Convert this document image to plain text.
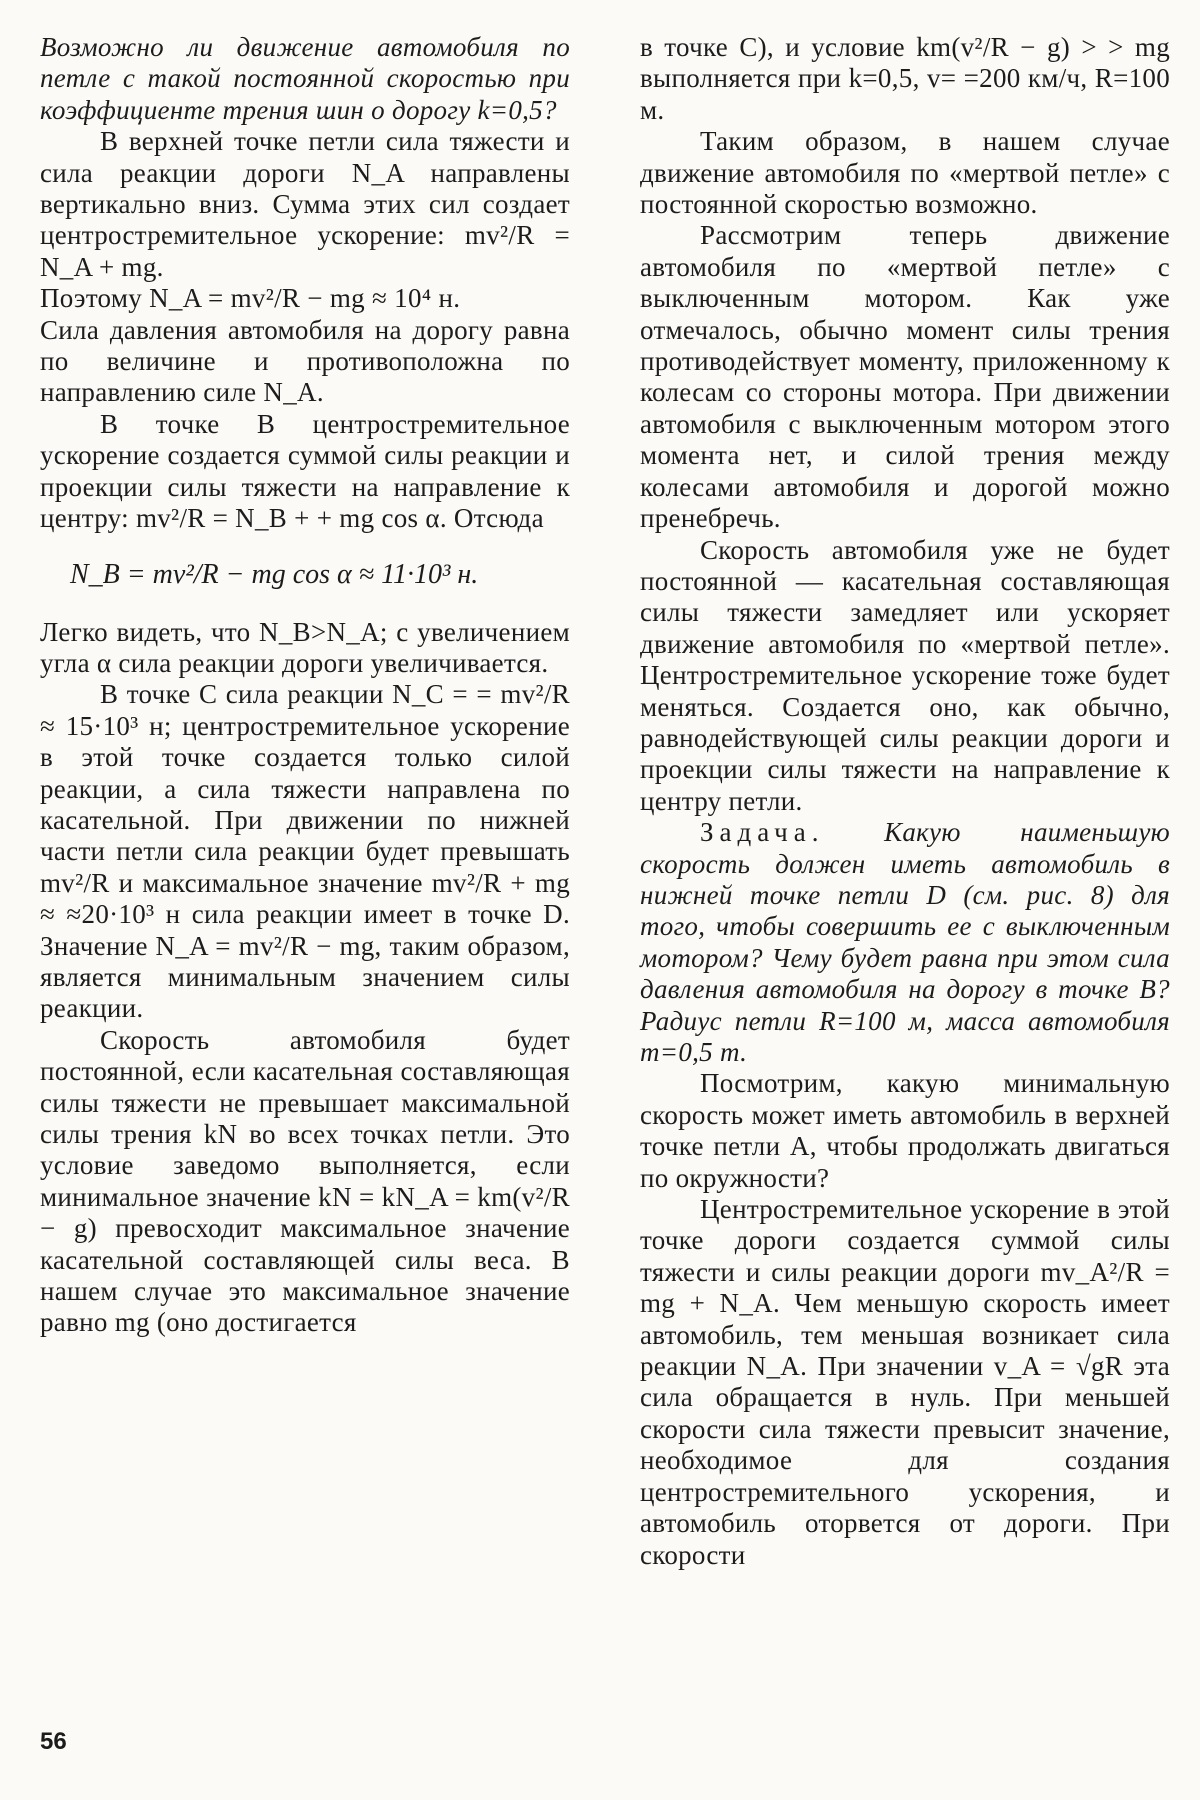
Возможно ли движение автомобиля по петле с такой постоянной скоростью при коэффициенте трения шин о дорогу k=0,5?

В верхней точке петли сила тяжести и сила реакции дороги N_A направлены вертикально вниз. Сумма этих сил создает центростремительное ускорение: mv²/R = N_A + mg.

Поэтому N_A = mv²/R − mg ≈ 10⁴ н.

Сила давления автомобиля на дорогу равна по величине и противоположна по направлению силе N_A.

В точке B центростремительное ускорение создается суммой силы реакции и проекции силы тяжести на направление к центру: mv²/R = N_B + + mg cos α. Отсюда

N_B = mv²/R − mg cos α ≈ 11·10³ н.

Легко видеть, что N_B>N_A; с увеличением угла α сила реакции дороги увеличивается.

В точке C сила реакции N_C = = mv²/R ≈ 15·10³ н; центростремительное ускорение в этой точке создается только силой реакции, а сила тяжести направлена по касательной. При движении по нижней части петли сила реакции будет превышать mv²/R и максимальное значение mv²/R + mg ≈ ≈20·10³ н сила реакции имеет в точке D. Значение N_A = mv²/R − mg, таким образом, является минимальным значением силы реакции.

Скорость автомобиля будет постоянной, если касательная составляющая силы тяжести не превышает максимальной силы трения kN во всех точках петли. Это условие заведомо выполняется, если минимальное значение kN = kN_A = km(v²/R − g) превосходит максимальное значение касательной составляющей силы веса. В нашем случае это максимальное значение равно mg (оно достигается

в точке C), и условие km(v²/R − g) > > mg выполняется при k=0,5, v= =200 км/ч, R=100 м.

Таким образом, в нашем случае движение автомобиля по «мертвой петле» с постоянной скоростью возможно.

Рассмотрим теперь движение автомобиля по «мертвой петле» с выключенным мотором. Как уже отмечалось, обычно момент силы трения противодействует моменту, приложенному к колесам со стороны мотора. При движении автомобиля с выключенным мотором этого момента нет, и силой трения между колесами автомобиля и дорогой можно пренебречь.

Скорость автомобиля уже не будет постоянной — касательная составляющая силы тяжести замедляет или ускоряет движение автомобиля по «мертвой петле». Центростремительное ускорение тоже будет меняться. Создается оно, как обычно, равнодействующей силы реакции дороги и проекции силы тяжести на направление к центру петли.

Задача. Какую наименьшую скорость должен иметь автомобиль в нижней точке петли D (см. рис. 8) для того, чтобы совершить ее с выключенным мотором? Чему будет равна при этом сила давления автомобиля на дорогу в точке B? Радиус петли R=100 м, масса автомобиля m=0,5 т.

Посмотрим, какую минимальную скорость может иметь автомобиль в верхней точке петли A, чтобы продолжать двигаться по окружности?

Центростремительное ускорение в этой точке дороги создается суммой силы тяжести и силы реакции дороги mv_A²/R = mg + N_A. Чем меньшую скорость имеет автомобиль, тем меньшая возникает сила реакции N_A. При значении v_A = √gR эта сила обращается в нуль. При меньшей скорости сила тяжести превысит значение, необходимое для создания центростремительного ускорения, и автомобиль оторвется от дороги. При скорости

56
